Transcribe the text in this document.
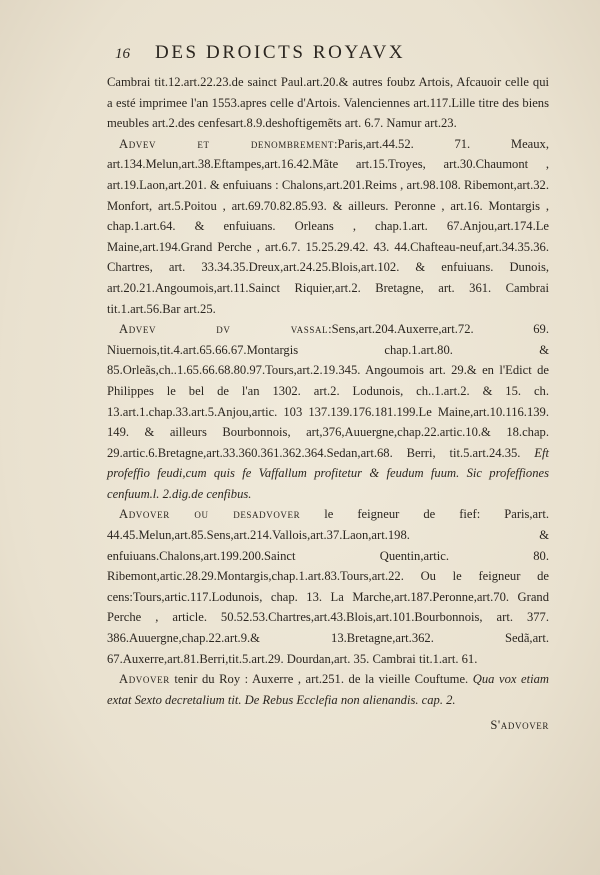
16	DES DROICTS ROYAVX

Cambrai tit.12.art.22.23.de sainct Paul.art.20.& autres foubz Artois, Afcauoir celle qui a esté imprimee l'an 1553.apres celle d'Artois. Valenciennes art.117.Lille titre des biens meubles art.2.des cenfesart.8.9.deshoftigemẽts art. 6.7. Namur art.23.

Advev et denombrement:Paris,art.44.52. 71. Meaux, art.134.Melun,art.38.Eftampes,art.16.42.Mãte art.15.Troyes, art.30.Chaumont , art.19.Laon,art.201. & enfuiuans : Chalons,art.201.Reims , art.98.108. Ribemont,art.32. Monfort, art.5.Poitou , art.69.70.82.85.93. & ailleurs. Peronne , art.16. Montargis , chap.1.art.64. & enfuiuans. Orleans , chap.1.art. 67.Anjou,art.174.Le Maine,art.194.Grand Perche , art.6.7. 15.25.29.42. 43. 44.Chafteau-neuf,art.34.35.36. Chartres, art. 33.34.35.Dreux,art.24.25.Blois,art.102. & enfuiuans. Dunois, art.20.21.Angoumois,art.11.Sainct Riquier,art.2. Bretagne, art. 361. Cambrai tit.1.art.56.Bar art.25.

Advev dv vassal:Sens,art.204.Auxerre,art.72. 69. Niuernois,tit.4.art.65.66.67.Montargis chap.1.art.80. & 85.Orleãs,ch..1.65.66.68.80.97.Tours,art.2.19.345. Angoumois art. 29.& en l'Edict de Philippes le bel de l'an 1302. art.2. Lodunois, ch..1.art.2. & 15. ch. 13.art.1.chap.33.art.5.Anjou,artic. 103 137.139.176.181.199.Le Maine,art.10.116.139. 149. & ailleurs Bourbonnois, art,376,Auuergne,chap.22.artic.10.& 18.chap. 29.artic.6.Bretagne,art.33.360.361.362.364.Sedan,art.68. Berri, tit.5.art.24.35. Eft profeffio feudi,cum quis fe Vaffallum profitetur & feudum fuum. Sic profeffiones cenfuum.l. 2.dig.de cenfibus.

Advover ou desadvover le feigneur de fief: Paris,art. 44.45.Melun,art.85.Sens,art.214.Vallois,art.37.Laon,art.198. & enfuiuans.Chalons,art.199.200.Sainct Quentin,artic. 80. Ribemont,artic.28.29.Montargis,chap.1.art.83.Tours,art.22. Ou le feigneur de cens:Tours,artic.117.Lodunois, chap. 13. La Marche,art.187.Peronne,art.70. Grand Perche , article. 50.52.53.Chartres,art.43.Blois,art.101.Bourbonnois, art. 377. 386.Auuergne,chap.22.art.9.& 13.Bretagne,art.362. Sedã,art. 67.Auxerre,art.81.Berri,tit.5.art.29. Dourdan,art. 35. Cambrai tit.1.art. 61.

Advover tenir du Roy : Auxerre , art.251. de la vieille Couftume. Qua vox etiam extat Sexto decretalium tit. De Rebus Ecclefia non alienandis. cap. 2.

S'advover
